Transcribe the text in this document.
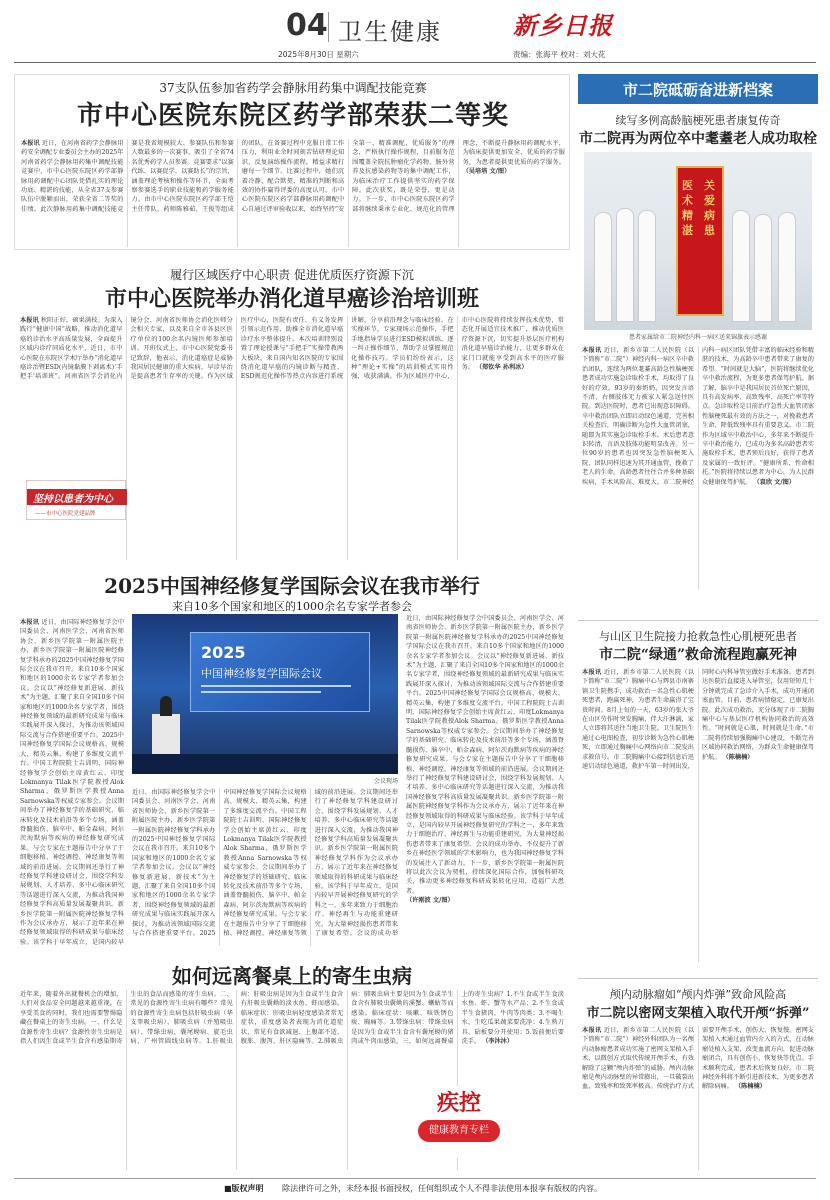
04 卫生健康
2025年8月30日 星期六
新乡日报
责编：张海平 校对：刘大花
37支队伍参加省药学会静脉用药集中调配技能竞赛
市中心医院东院区药学部荣获二等奖
本报讯 近日，在河南省药学会静脉用药安全调配专业委员会主办的2025年河南省药学会静脉用药集中调配技能竞赛中，市中心医院东院区药学部静脉用药调配中心团队凭借扎实的理论功底、精湛的技能，从全省37支参赛队伍中脱颖而出，荣获全省二等奖的佳绩。此次静脉用药集中调配技能竞赛是我省规模较大、参赛队伍和参赛人数最多的一次赛事，吸引了全省74名优秀药学人员参赛。竞赛要求“以赛代练、以赛促学、以赛助长”的宗旨，涵盖理论考核和操作等环节，全面考察参赛选手的职业技能和药学服务能力。由市中心医院东院区药学部王恺主任带队，药师陈雅茹、王俊等组成的团队，在备赛过程中克服日常工作压力，利用业余时间刻苦钻研理论知识，反复演练操作流程，精益求精打磨每一个细节。比赛过程中，她们沉着冷静、配合默契，精准的判断和高效的协作赢得评委的高度认可。市中心医院东院区药学部静脉用药调配中心自通过评审验收以来，始终坚持“安全第一、精准调配、优质服务”的理念，严格执行操作规程，目前服务范围覆盖全院抗肿瘤化学药物、肠外营养及抗感染药物等的集中调配工作，为临床治疗工作提供坚实的药学保障。此次获奖，既是荣誉，更是动力。下一步，市中心医院东院区药学部将继续秉承专业化、规范化的管理理念，不断提升静脉用药调配水平，为临床提供更加安全、优质的药学服务，为患者提供更优质的药学服务。 （吴培培 文/图）
履行区域医疗中心职责 促进优质医疗资源下沉
市中心医院举办消化道早癌诊治培训班
本报讯 秋阳正好，硕果满枝。为深入践行“健康中国”战略，推动消化道早癌的诊治水平高质量发展，全面提升区域内诊疗同质化水平，近日，市中心医院在东院区学术厅举办“消化道早癌诊治暨ESD(内镜黏膜下剥离术)‘手把手’培训班”。河南省医学会消化内镜分会、河南省医师协会消化医师分会相关专家，以及来自全市各县区医疗单位的100余名内镜医师参加培训。开班仪式上，市中心医院党委书记致辞，他表示，消化道癌症是威胁我国居民健康的重大疾病，早诊早治是提高患者生存率的关键。作为区域医疗中心，医院有责任、有义务发挥引领示范作用，助推全市消化道早癌诊疗水平整体提升。本次培训特别设置了理论授课与“手把手”实操带教两大板块。来自国内知名医院的专家围绕消化道早癌的内镜诊断与精查、ESD规范化操作等热点内容进行系统讲解，分享前沿理念与临床经验。在实操环节，专家现场示范操作，手把手地指导学员进行ESD模拟训练，逐一纠正操作细节，帮助学员掌握规范化操作技巧。学员们纷纷表示，这种“理论+实操”的培训模式实用性强，收获满满。作为区域医疗中心，市中心医院将持续发挥技术优势，常态化开展适宜技术推广，推动优质医疗资源下沉，切实提升基层医疗机构消化道早癌诊治能力，让更多群众在家门口就能享受到高水平的医疗服务。 （郑钦华 孙利冰）
坚持以患者为中心
——市中心医院党建品牌
2025中国神经修复学国际会议在我市举行
来自10多个国家和地区的1000余名专家学者参会
本报讯 近日，由国际神经修复学会中国委员会、河南医学会、河南省医师协会、新乡医学院第一附属医院主办，新乡医学院第一附属医院神经修复学科承办的2025中国神经修复学国际会议在我市召开。来自10多个国家和地区的1000余名专家学者参加会议。会议以“神经修复新进展、新技术”为主题，汇聚了来自全国10多个国家和地区的1000余名专家学者，围绕神经修复领域的最新研究成果与临床实践展开深入探讨，为推动该领域国际交流与合作搭建重要平台。2025中国神经修复学国际会议规格高、规模大、精英云集，构建了多维度交流平台。中国工程院院士吉训明、国际神经修复学会创始主席黄红云、印度Lokmanya Tilak医学院教授Alok Sharma、俄罗斯医学教授Anna Sarnowska等权威专家参会。会议期间举办了神经修复学的基础研究、临床转化及技术前沿等多个专场，涵盖脊髓损伤、脑卒中、帕金森病、阿尔茨海默病等疾病的神经修复研究成果。与会专家在主题报告中分享了干细胞移植、神经调控、神经康复等领域的前沿进展。会议期间还举行了神经修复学科建设研讨会，围绕学科发展规划、人才培养、多中心临床研究等话题进行深入交流，为推动我国神经修复学科高质量发展凝聚共识。新乡医学院第一附属医院神经修复学科作为会议承办方，展示了近年来在神经修复领域取得的科研成果与临床经验。该学科于早年成立，是国内较早
2025
中国神经修复学国际会议
会议现场
近日，由国际神经修复学会中国委员会、河南医学会、河南省医师协会、新乡医学院第一附属医院主办，新乡医学院第一附属医院神经修复学科承办的2025中国神经修复学国际会议在我市召开。来自10多个国家和地区的1000余名专家学者参加会议。会议以“神经修复新进展、新技术”为主题，汇聚了来自全国10多个国家和地区的1000余名专家学者，围绕神经修复领域的最新研究成果与临床实践展开深入探讨，为推动该领域国际交流与合作搭建重要平台。2025中国神经修复学国际会议规格高、规模大、精英云集，构建了多维度交流平台。中国工程院院士吉训明、国际神经修复学会创始主席黄红云、印度Lokmanya Tilak医学院教授Alok Sharma、俄罗斯医学教授Anna Sarnowska等权威专家参会。会议期间举办了神经修复学的基础研究、临床转化及技术前沿等多个专场，涵盖脊髓损伤、脑卒中、帕金森病、阿尔茨海默病等疾病的神经修复研究成果。与会专家在主题报告中分享了干细胞移植、神经调控、神经康复等领域的前沿进展。会议期间还举行了神经修复学科建设研讨会，围绕学科发展规划、人才培养、多中心临床研究等话题进行深入交流，为推动我国神经修复学科高质量发展凝聚共识。新乡医学院第一附属医院神经修复学科作为会议承办方，展示了近年来在神经修复领域取得的科研成果与临床经验。该学科于早年成立，是国内较早开展神经修复研究的学科之一，多年来致力于细胞治疗、神经再生与功能重建研究，为大量神经损伤患者带来了康复希望。会议的成功举
近日，由国际神经修复学会中国委员会、河南医学会、河南省医师协会、新乡医学院第一附属医院主办，新乡医学院第一附属医院神经修复学科承办的2025中国神经修复学国际会议在我市召开。来自10多个国家和地区的1000余名专家学者参加会议。会议以“神经修复新进展、新技术”为主题，汇聚了来自全国10多个国家和地区的1000余名专家学者，围绕神经修复领域的最新研究成果与临床实践展开深入探讨，为推动该领域国际交流与合作搭建重要平台。2025中国神经修复学国际会议规格高、规模大、精英云集，构建了多维度交流平台。中国工程院院士吉训明、国际神经修复学会创始主席黄红云、印度Lokmanya Tilak医学院教授Alok Sharma、俄罗斯医学教授Anna Sarnowska等权威专家参会。会议期间举办了神经修复学的基础研究、临床转化及技术前沿等多个专场，涵盖脊髓损伤、脑卒中、帕金森病、阿尔茨海默病等疾病的神经修复研究成果。与会专家在主题报告中分享了干细胞移植、神经调控、神经康复等领域的前沿进展。会议期间还举行了神经修复学科建设研讨会，围绕学科发展规划、人才培养、多中心临床研究等话题进行深入交流，为推动我国神经修复学科高质量发展凝聚共识。新乡医学院第一附属医院神经修复学科作为会议承办方，展示了近年来在神经修复领域取得的科研成果与临床经验。该学科于早年成立，是国内较早开展神经修复研究的学科之一，多年来致力于细胞治疗、神经再生与功能重建研究，为大量神经损伤患者带来了康复希望。会议的成功举办，不仅提升了新乡在神经医学领域的学术影响力，也为我国神经修复学科的发展注入了新动力。下一步，新乡医学院第一附属医院将以此次会议为契机，持续深化国际合作，加强科研攻关，推动更多神经修复科研成果转化应用，造福广大患者。
（许刚波 文/图）
如何远离餐桌上的寄生虫病
近年来，随着外出就餐机会的增加，人们对食品安全问题越来越重视。在享受美食的同时，我们也需要警惕隐藏在餐桌上的寄生虫病。一、什么是食源性寄生虫病？食源性寄生虫病是指人们因生食或半生食含有感染期寄生虫的食品而感染的寄生虫病。二、常见的食源性寄生虫病有哪些？常见的食源性寄生虫病包括肝吸虫病（华支睾吸虫病）、肺吸虫病（并殖吸虫病）、带绦虫病、囊尾蚴病、旋毛虫病、广州管圆线虫病等。1.肝吸虫病：肝吸虫病是因为生食或半生食含有肝吸虫囊蚴的淡水鱼、虾而感染。临床症状：肝吸虫病轻度感染者常无症状，重度感染者表现为消化道症状，常见有食欲减退、上腹部不适、腹胀、腹泻、肝区隐痛等。2.肺吸虫病：肺吸虫病主要是因为生食或半生食含有肺吸虫囊蚴的溪蟹、蝲蛄等而感染。临床症状：咳嗽、咳铁锈色痰、胸痛等。3.带绦虫病：带绦虫病是因为生食或半生食含有囊尾蚴的猪肉或牛肉而感染。三、如何远离餐桌上的寄生虫病？1.不生食或半生食淡水鱼、虾、蟹等水产品；2.不生食或半生食猪肉、牛肉等肉类；3.不喝生水，生吃瓜果蔬菜要洗净；4.生熟刀具、砧板要分开使用；5.饭前便后要洗手。 （李沐沐）
疾控
健康教育专栏
市二院砥砺奋进新档案
续写多例高龄脑梗死患者康复传奇
市二院再为两位卒中耄耋老人成功取栓
医术精湛
关爱病患
患者家属给市二院神经内科一病区送来锦旗表示感谢
本报讯 近日，新乡市第二人民医院（以下简称“市二院”）神经内科一病区卒中救治团队，连续为两位耄耋高龄急性脑梗死患者成功实施急诊取栓手术，均取得了良好的疗效。93岁的秦奶奶，因突发言语不清、右侧肢体无力被家人紧急送往医院。到达医院时，患者已出现意识障碍。卒中救治团队立即启动绿色通道，完善相关检查后，明确诊断为急性大血管闭塞，随即为其实施急诊取栓手术。术后患者意识转清，言语及肢体功能明显改善。另一位90岁的患者也因突发急性脑梗死入院，团队同样迅速为其开通血管，挽救了老人的生命。高龄患者往往合并多种基础疾病，手术风险高、难度大。市二院神经内科一病区团队凭借丰富的临床经验和精湛的技术，为高龄卒中患者带来了康复的希望。“时间就是大脑”，医院将继续优化卒中救治流程，为更多患者保驾护航。据了解，脑卒中是我国居民首位死亡原因，具有高发病率、高致残率、高死亡率等特点。急诊取栓是目前治疗急性大血管闭塞性脑梗死最有效的方法之一，对挽救患者生命、降低致残率具有重要意义。市二院作为区域卒中救治中心，多年来不断提升卒中救治能力，已成功为多名高龄患者实施取栓手术，患者预后良好，获得了患者及家属的一致好评。“健康所系，性命相托。”医院将持续以患者为中心，为人民群众健康保驾护航。 （袁欣 文/图）
与山区卫生院接力抢救急性心肌梗死患者
市二院“绿通”救命流程跑赢死神
本报讯 近日，新乡市第二人民医院（以下简称“市二院”）胸痛中心与辉县市南寨镇卫生院携手，成功救治一名急性心肌梗死患者，跑赢死神，为患者生命赢得了宝贵时间。8月上旬的一天，63岁的张大爷在山区劳作时突发胸痛，伴大汗淋漓，家人立即将其送往当地卫生院。卫生院医生通过心电图检查，初步诊断为急性心肌梗死，立即通过胸痛中心网络向市二院发出求救信号。市二院胸痛中心接到信息后迅速启动绿色通道，救护车第一时间出发，同时心内科导管室做好手术准备。患者到达医院后直接进入导管室，仅用短短几十分钟就完成了急诊介入手术，成功开通闭塞血管。目前，患者病情稳定，已康复出院。此次成功救治，充分体现了市二院胸痛中心与基层医疗机构协同救治的高效性。“时间就是心肌，时间就是生命。”市二院将持续加强胸痛中心建设，不断完善区域协同救治网络，为群众生命健康保驾护航。 （陈楠楠）
颅内动脉瘤如“颅内炸弹”致命风险高
市二院以密网支架植入取代开颅“拆弹”
本报讯 近日，新乡市第二人民医院（以下简称“市二院”）神经外科团队为一名颅内动脉瘤患者成功实施了密网支架植入手术，以微创方式取代传统开颅手术，有效解除了这颗“颅内炸弹”的威胁。颅内动脉瘤是颅内动脉壁的异常膨出，一旦破裂出血，致残率和致死率极高。传统治疗方式需要开颅手术，创伤大、恢复慢。密网支架植入术通过血管内介入的方式，在动脉瘤处植入支架，改变血流方向，促进动脉瘤闭合，具有创伤小、恢复快等优点。手术顺利完成，患者术后恢复良好。市二院神经外科将不断引进新技术，为更多患者解除病痛。 （陈楠楠）
■版权声明 除法律许可之外，未经本报书面授权，任何组织或个人不得非法使用本报享有版权的内容。
